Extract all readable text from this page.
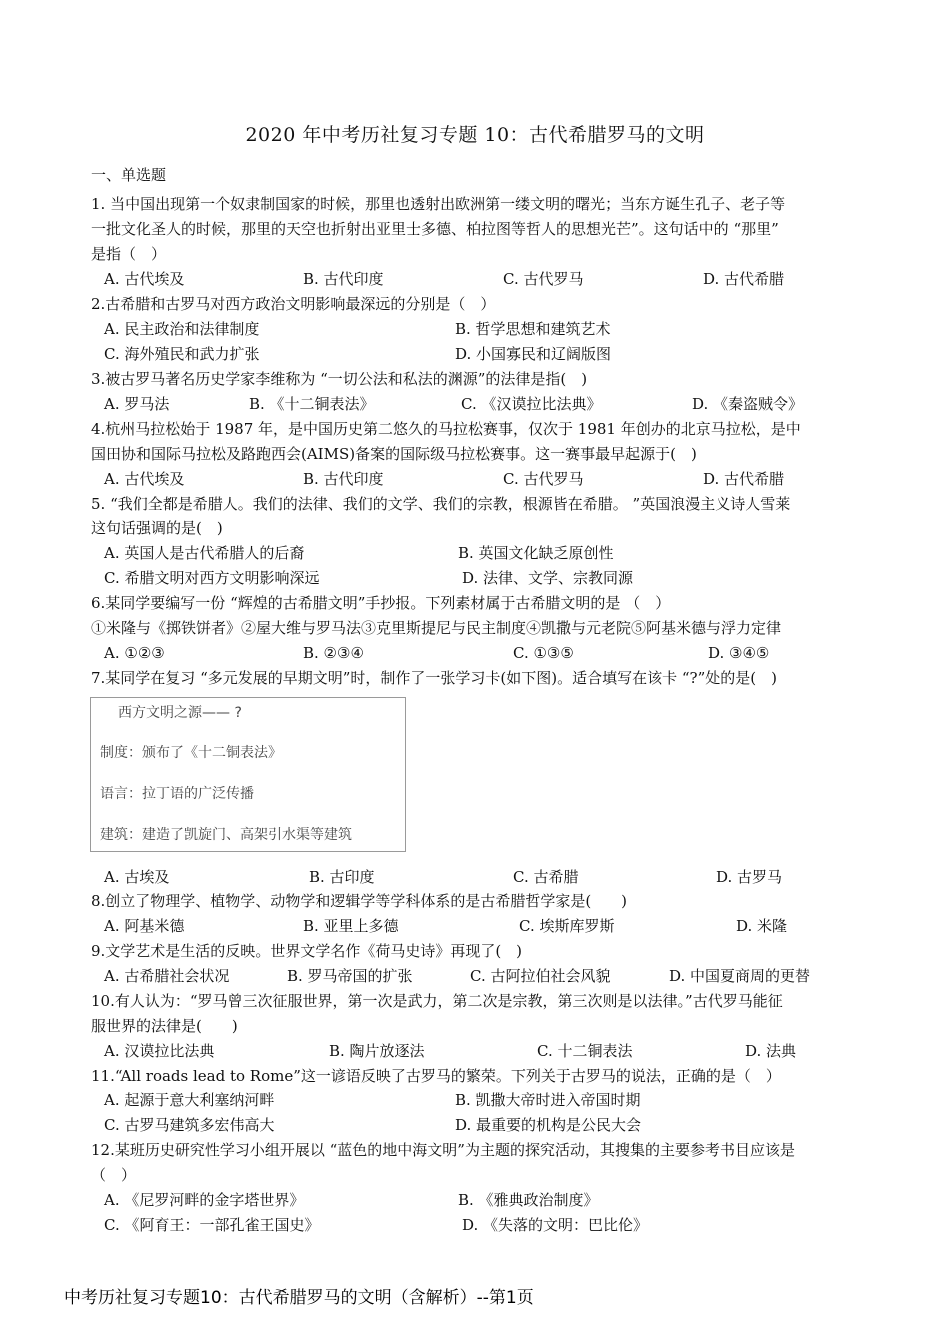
2020 年中考历社复习专题 10：古代希腊罗马的文明
一、单选题
1. 当中国出现第一个奴隶制国家的时候，那里也透射出欧洲第一缕文明的曙光；当东方诞生孔子、老子等
一批文化圣人的时候，那里的天空也折射出亚里士多德、柏拉图等哲人的思想光芒”。这句话中的 “那里”
是指（　）
A. 古代埃及	B. 古代印度	C. 古代罗马	D. 古代希腊
2.古希腊和古罗马对西方政治文明影响最深远的分别是（　）
A. 民主政治和法律制度	B. 哲学思想和建筑艺术
C. 海外殖民和武力扩张	D. 小国寡民和辽阔版图
3.被古罗马著名历史学家李维称为 “一切公法和私法的渊源”的法律是指(　)
A. 罗马法	B. 《十二铜表法》	C. 《汉谟拉比法典》	D. 《秦盗贼令》
4.杭州马拉松始于 1987 年，是中国历史第二悠久的马拉松赛事，仅次于 1981 年创办的北京马拉松，是中
国田协和国际马拉松及路跑西会(AIMS)备案的国际级马拉松赛事。这一赛事最早起源于(　)
A. 古代埃及	B. 古代印度	C. 古代罗马	D. 古代希腊
5. “我们全都是希腊人。我们的法律、我们的文学、我们的宗教，根源皆在希腊。 ”英国浪漫主义诗人雪莱
这句话强调的是(　)
A. 英国人是古代希腊人的后裔	B. 英国文化缺乏原创性
C. 希腊文明对西方文明影响深远	D. 法律、文学、宗教同源
6.某同学要编写一份 “辉煌的古希腊文明”手抄报。下列素材属于古希腊文明的是 （　）
①米隆与《掷铁饼者》②屋大维与罗马法③克里斯提尼与民主制度④凯撒与元老院⑤阿基米德与浮力定律
A. ①②③	B. ②③④	C. ①③⑤	D. ③④⑤
7.某同学在复习 “多元发展的早期文明”时，制作了一张学习卡(如下图)。适合填写在该卡 “?”处的是(　)
西方文明之源—— ?
制度：颁布了《十二铜表法》
语言：拉丁语的广泛传播
建筑：建造了凯旋门、高架引水渠等建筑
A. 古埃及	B. 古印度	C. 古希腊	D. 古罗马
8.创立了物理学、植物学、动物学和逻辑学等学科体系的是古希腊哲学家是(　　)
A. 阿基米德	B. 亚里上多德	C. 埃斯库罗斯	D. 米隆
9.文学艺术是生活的反映。世界文学名作《荷马史诗》再现了(　)
A. 古希腊社会状况	B. 罗马帝国的扩张	C. 古阿拉伯社会风貌	D. 中国夏商周的更替
10.有人认为：“罗马曾三次征服世界，第一次是武力，第二次是宗教，第三次则是以法律。”古代罗马能征
服世界的法律是(　　)
A. 汉谟拉比法典	B. 陶片放逐法	C. 十二铜表法	D. 法典
11.“All roads lead to Rome”这一谚语反映了古罗马的繁荣。下列关于古罗马的说法，正确的是（　）
A. 起源于意大利塞纳河畔	B. 凯撒大帝时进入帝国时期
C. 古罗马建筑多宏伟高大	D. 最重要的机构是公民大会
12.某班历史研究性学习小组开展以 “蓝色的地中海文明”为主题的探究活动，其搜集的主要参考书目应该是
（　）
A. 《尼罗河畔的金字塔世界》	B. 《雅典政治制度》
C. 《阿育王：一部孔雀王国史》	D. 《失落的文明：巴比伦》
中考历社复习专题10：古代希腊罗马的文明（含解析）--第1页
